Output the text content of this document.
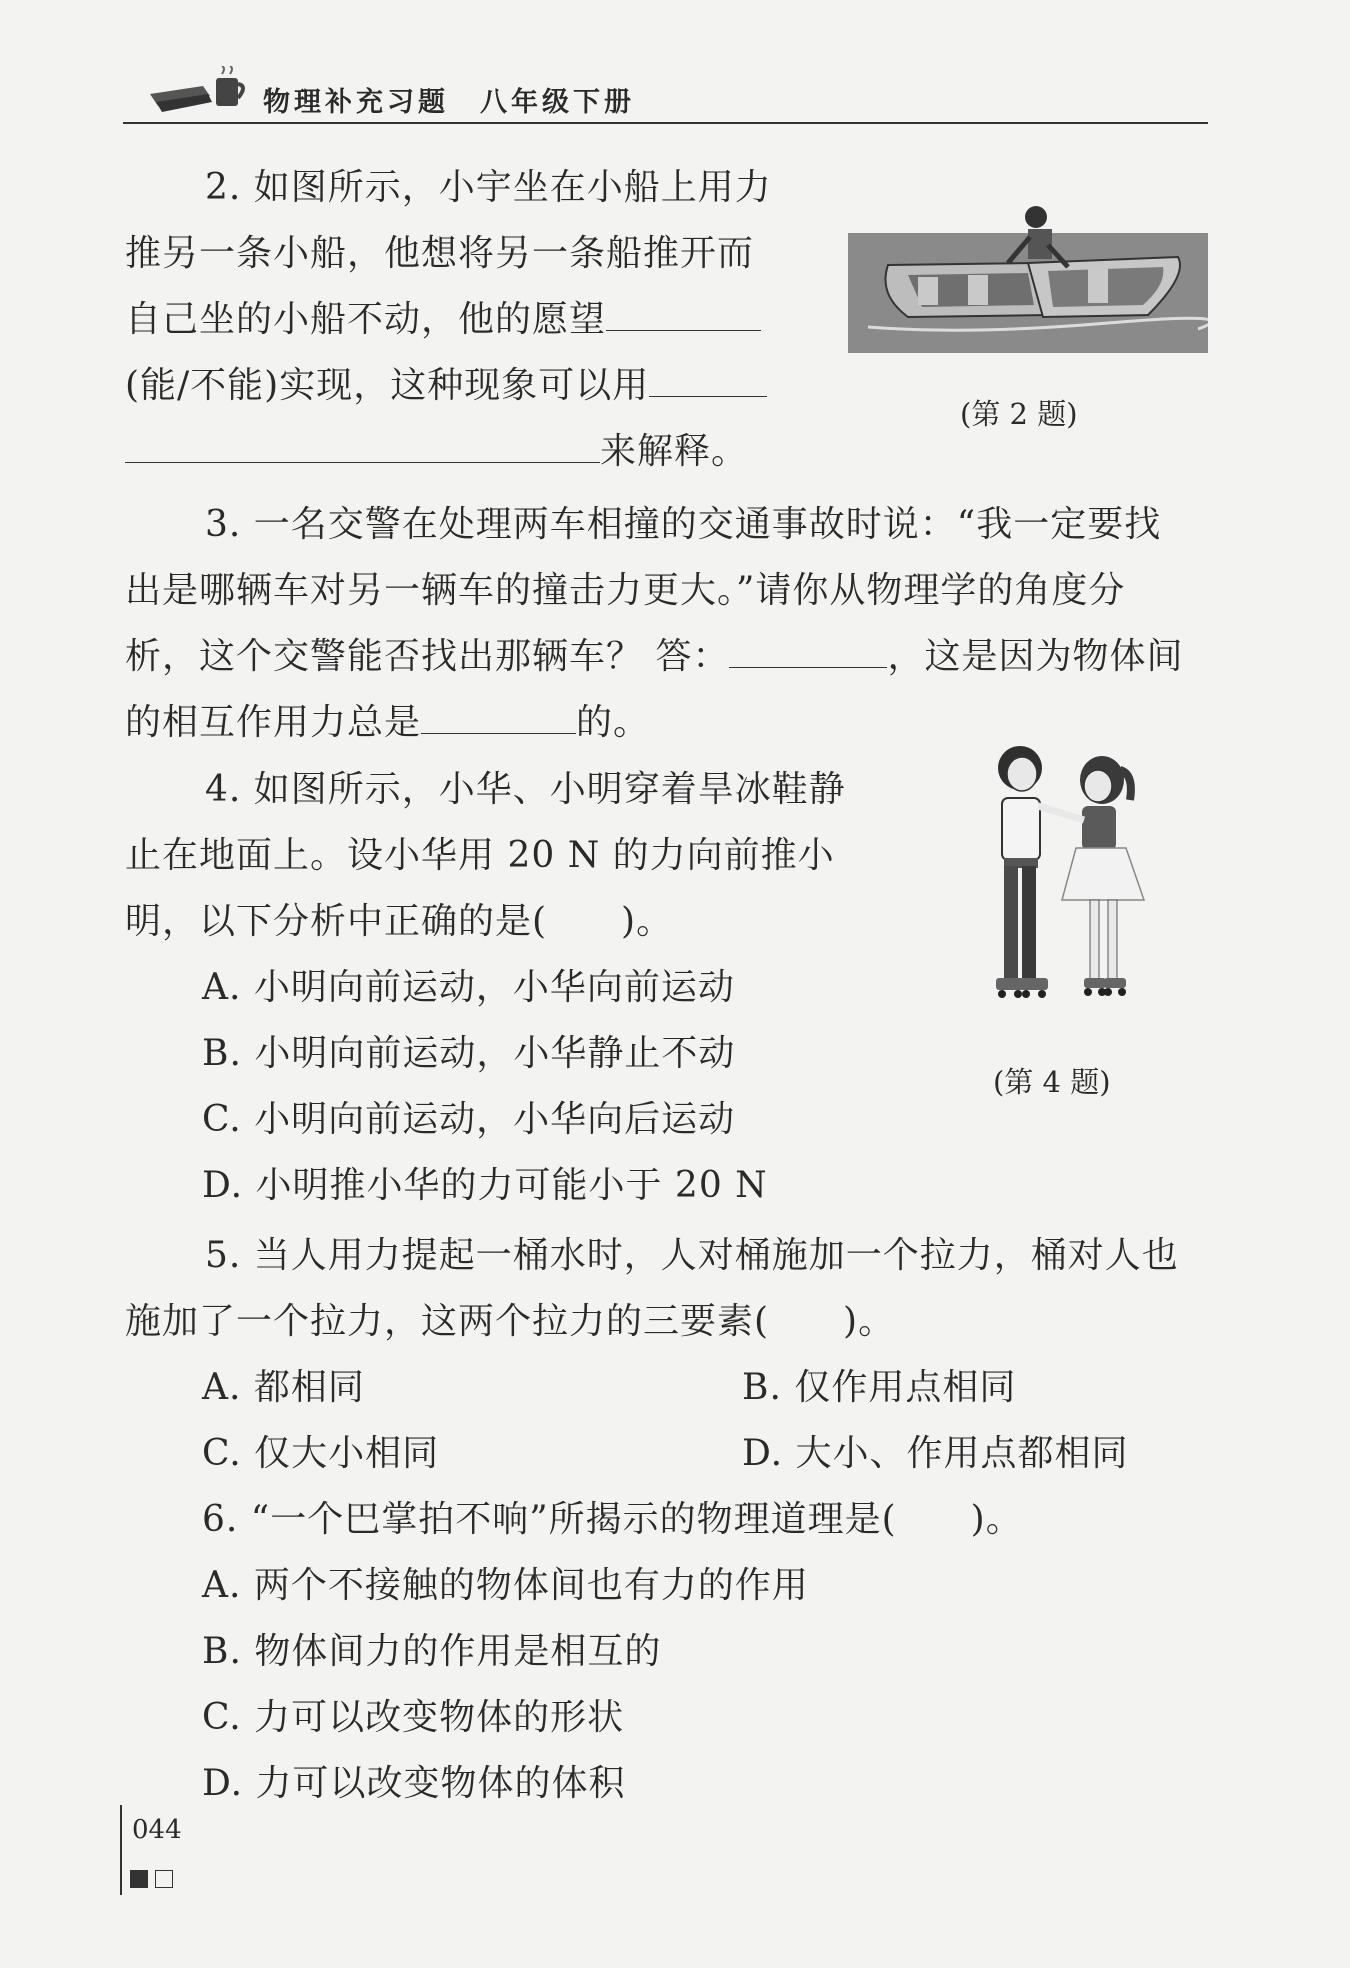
物理补充习题　八年级下册
2. 如图所示，小宇坐在小船上用力
推另一条小船，他想将另一条船推开而
自己坐的小船不动，他的愿望
(能/不能)实现，这种现象可以用
来解释。
(第 2 题)
3. 一名交警在处理两车相撞的交通事故时说：“我一定要找
出是哪辆车对另一辆车的撞击力更大。”请你从物理学的角度分
析，这个交警能否找出那辆车？ 答：	，这是因为物体间
的相互作用力总是	的。
4. 如图所示，小华、小明穿着旱冰鞋静
止在地面上。设小华用 20 N 的力向前推小
明，以下分析中正确的是(　　)。
A. 小明向前运动，小华向前运动
B. 小明向前运动，小华静止不动
C. 小明向前运动，小华向后运动
D. 小明推小华的力可能小于 20 N
(第 4 题)
5. 当人用力提起一桶水时，人对桶施加一个拉力，桶对人也
施加了一个拉力，这两个拉力的三要素(　　)。
A. 都相同	B. 仅作用点相同
C. 仅大小相同	D. 大小、作用点都相同
6. “一个巴掌拍不响”所揭示的物理道理是(　　)。
A. 两个不接触的物体间也有力的作用
B. 物体间力的作用是相互的
C. 力可以改变物体的形状
D. 力可以改变物体的体积
044
